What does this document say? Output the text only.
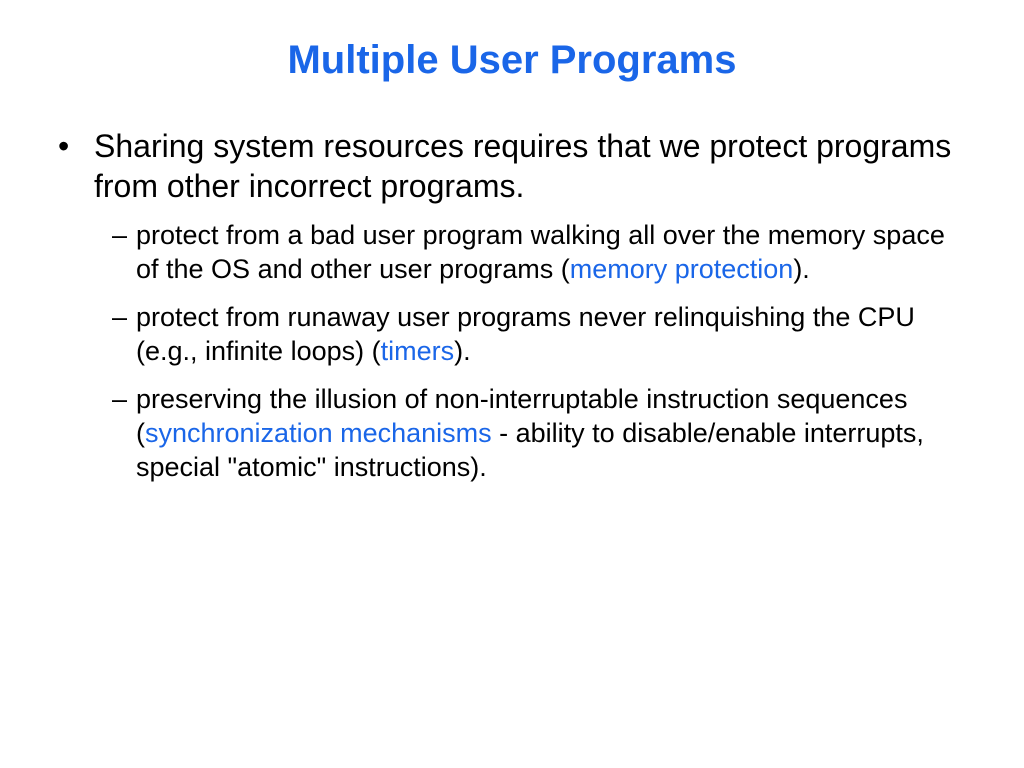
Multiple User Programs
• Sharing system resources requires that we protect programs from other incorrect programs.
– protect from a bad user program walking all over the memory space of the OS and other user programs (memory protection).
– protect from runaway user programs never relinquishing the CPU (e.g., infinite loops) (timers).
– preserving the illusion of non-interruptable instruction sequences (synchronization mechanisms - ability to disable/enable interrupts, special "atomic" instructions).
